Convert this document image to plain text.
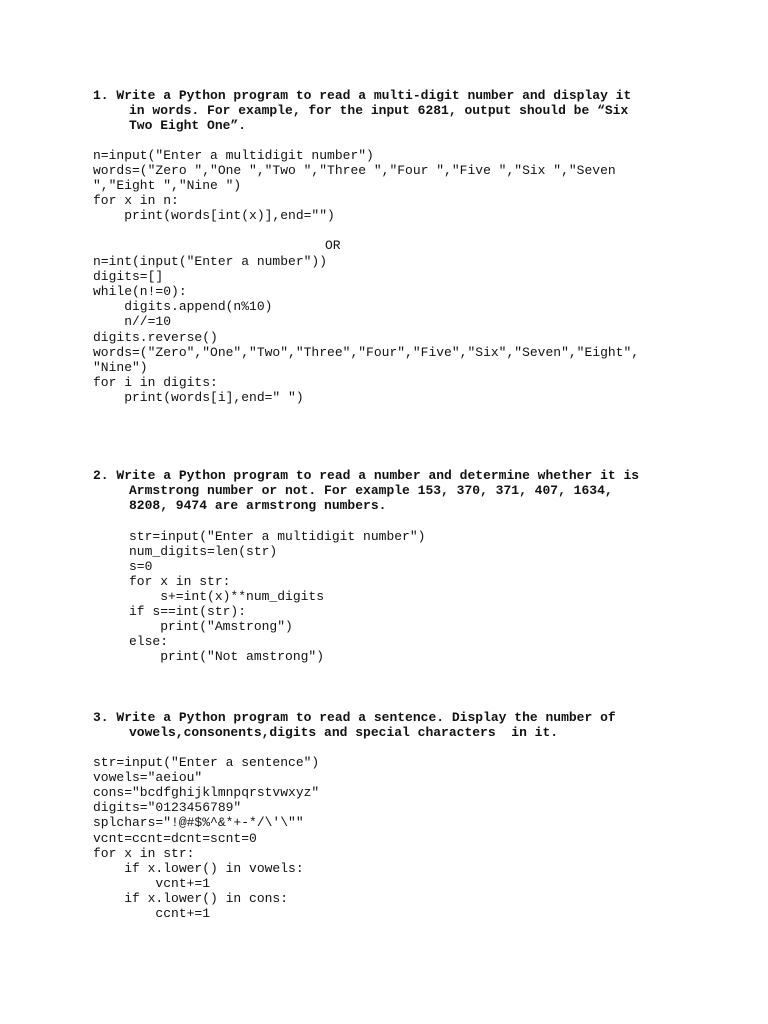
1. Write a Python program to read a multi-digit number and display it
in words. For example, for the input 6281, output should be “Six
Two Eight One”.
n=input("Enter a multidigit number")
words=("Zero ","One ","Two ","Three ","Four ","Five ","Six ","Seven
","Eight ","Nine ")
for x in n:
print(words[int(x)],end="")
OR
n=int(input("Enter a number"))
digits=[]
while(n!=0):
digits.append(n%10)
n//=10
digits.reverse()
words=("Zero","One","Two","Three","Four","Five","Six","Seven","Eight",
"Nine")
for i in digits:
print(words[i],end=" ")
2. Write a Python program to read a number and determine whether it is
Armstrong number or not. For example 153, 370, 371, 407, 1634,
8208, 9474 are armstrong numbers.
str=input("Enter a multidigit number")
num_digits=len(str)
s=0
for x in str:
s+=int(x)**num_digits
if s==int(str):
print("Amstrong")
else:
print("Not amstrong")
3. Write a Python program to read a sentence. Display the number of
vowels,consonents,digits and special characters  in it.
str=input("Enter a sentence")
vowels="aeiou"
cons="bcdfghijklmnpqrstvwxyz"
digits="0123456789"
splchars="!@#$%^&*+-*/\'\""
vcnt=ccnt=dcnt=scnt=0
for x in str:
if x.lower() in vowels:
vcnt+=1
if x.lower() in cons:
ccnt+=1
